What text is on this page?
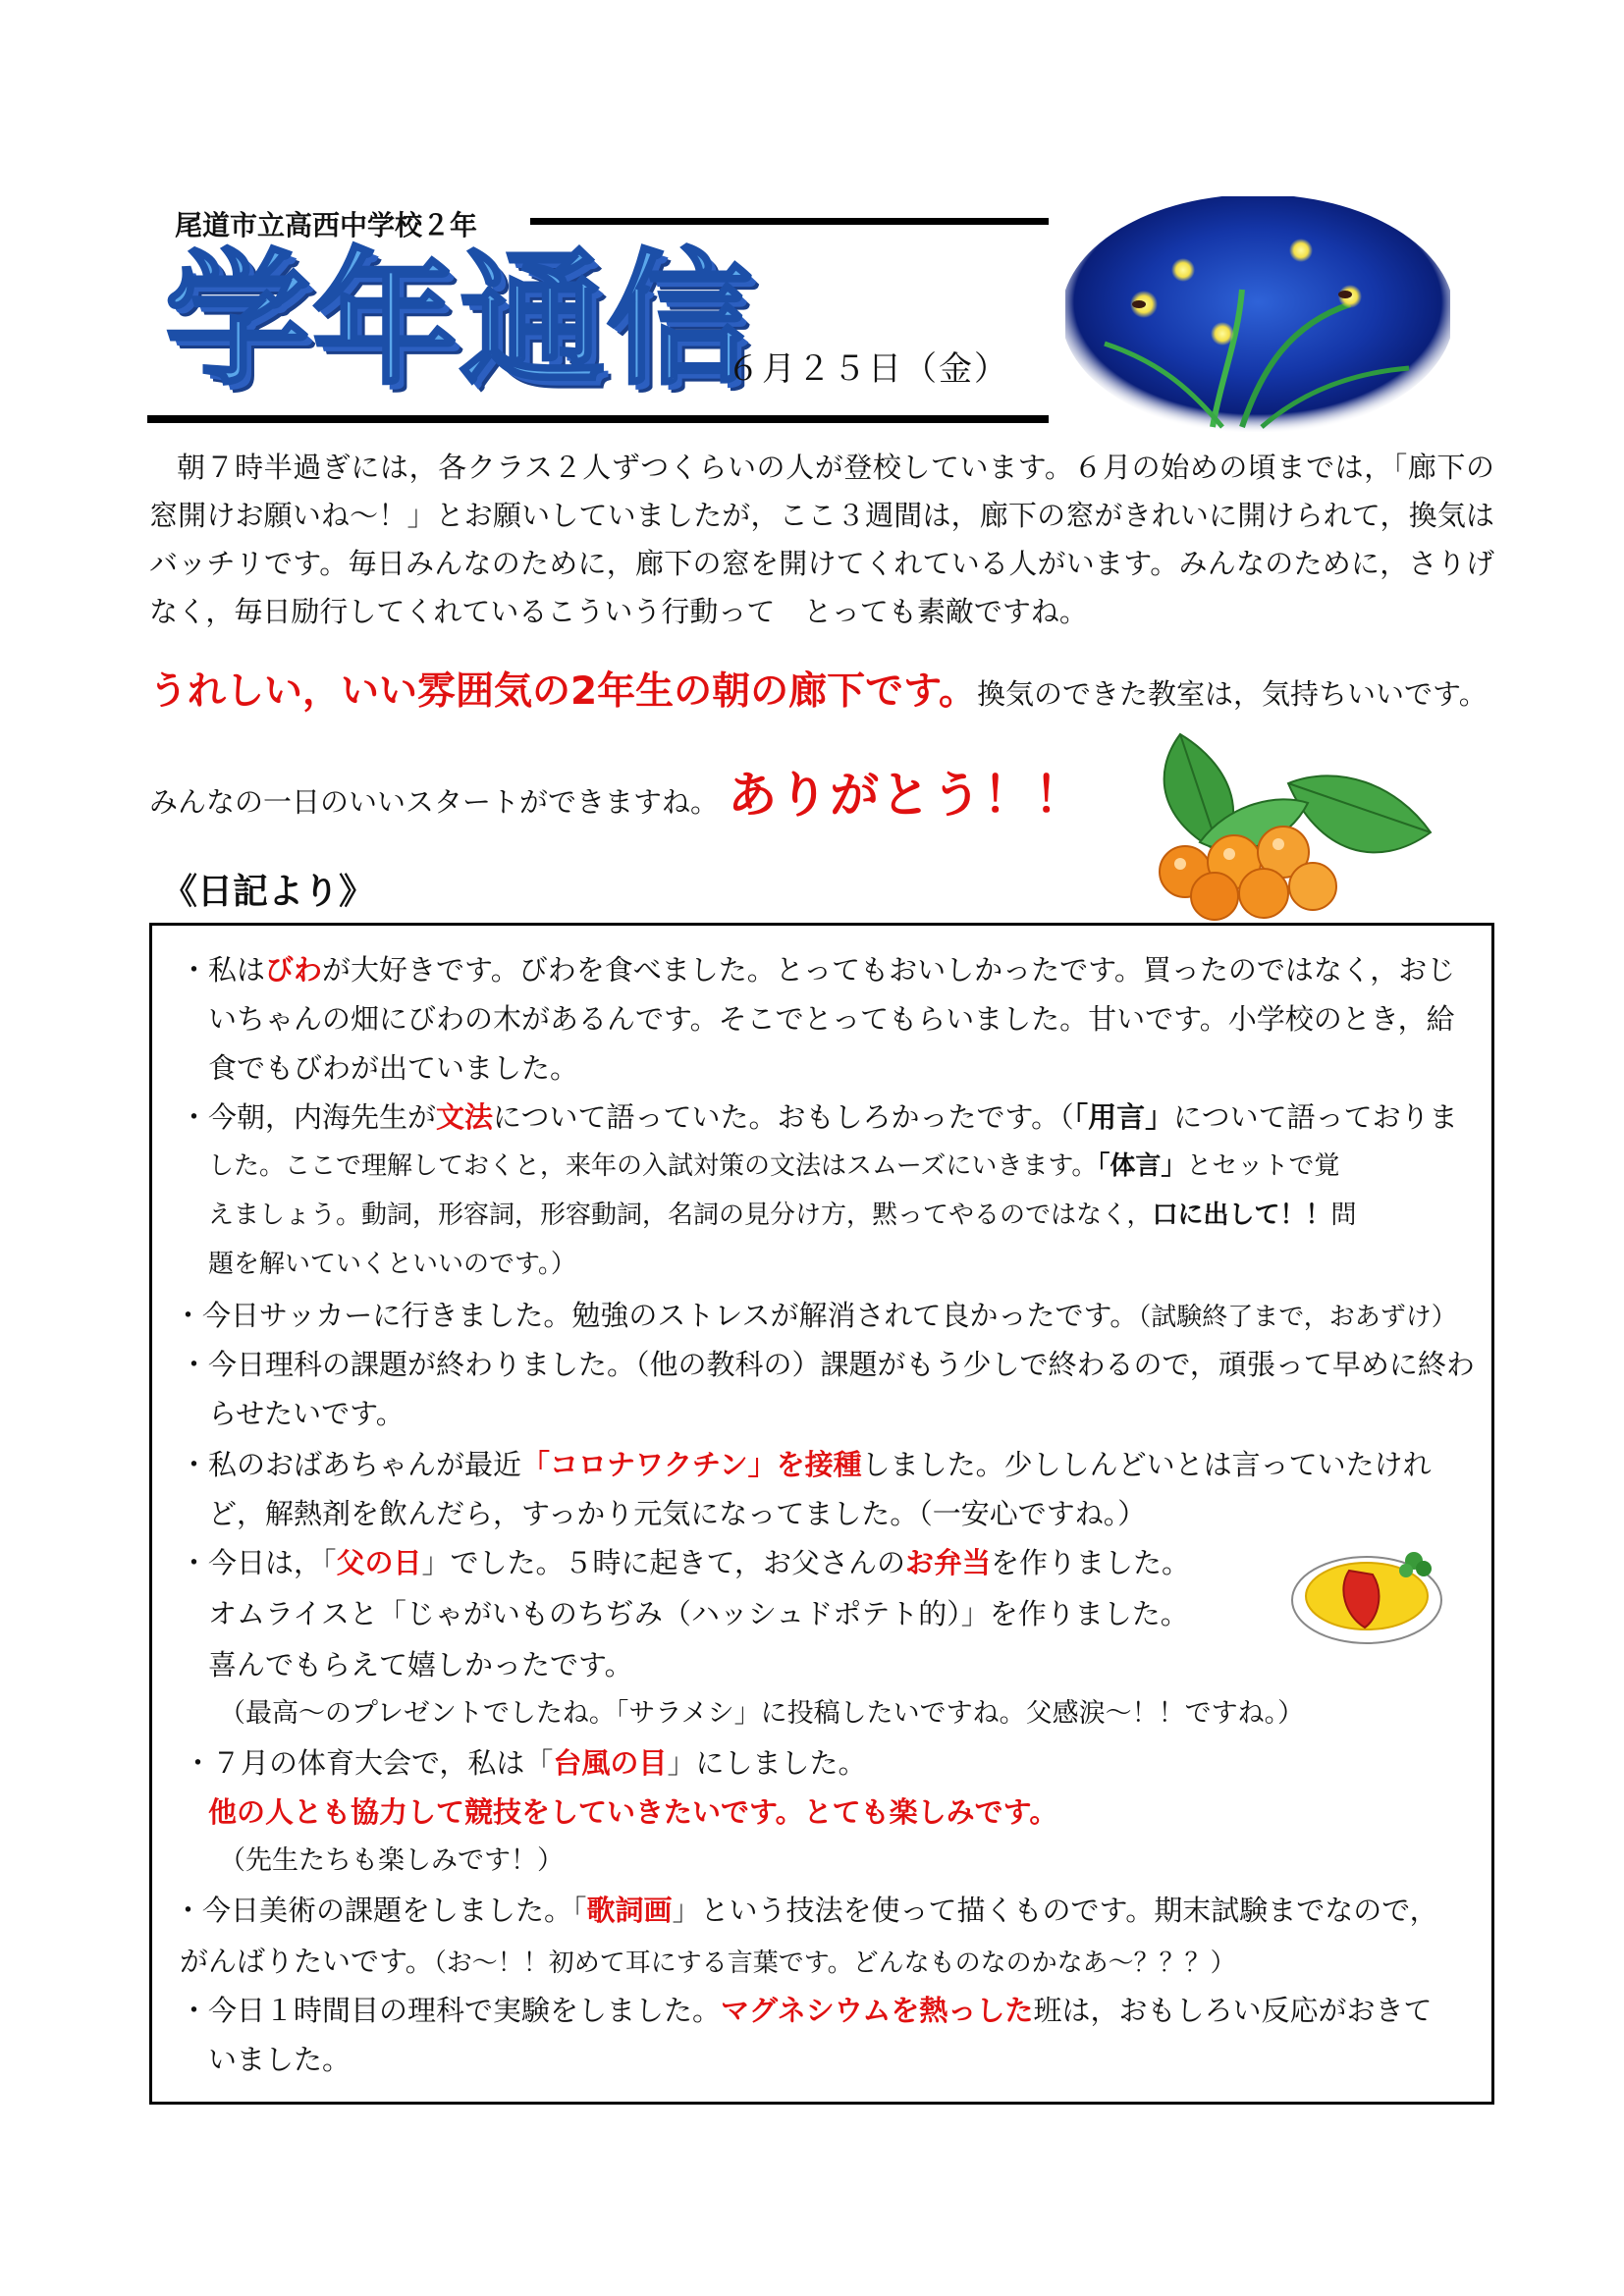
尾道市立高西中学校２年
学年通信
６月２５日（金）
朝７時半過ぎには，各クラス２人ずつくらいの人が登校しています。６月の始めの頃までは，「廊下の窓開けお願いね～！」とお願いしていましたが，ここ３週間は，廊下の窓がきれいに開けられて，換気はバッチリです。毎日みんなのために，廊下の窓を開けてくれている人がいます。みんなのために，さりげなく，毎日励行してくれているこういう行動って　とっても素敵ですね。
うれしい，いい雰囲気の2年生の朝の廊下です。換気のできた教室は，気持ちいいです。
みんなの一日のいいスタートができますね。 ありがとう！！
《日記より》
・私はびわが大好きです。びわを食べました。とってもおいしかったです。買ったのではなく，おじ
いちゃんの畑にびわの木があるんです。そこでとってもらいました。甘いです。小学校のとき，給
食でもびわが出ていました。
・今朝，内海先生が文法について語っていた。おもしろかったです。（「用言」について語っておりま
した。ここで理解しておくと，来年の入試対策の文法はスムーズにいきます。「体言」とセットで覚
えましょう。動詞，形容詞，形容動詞，名詞の見分け方，黙ってやるのではなく，口に出して！！問
題を解いていくといいのです。）
・今日サッカーに行きました。勉強のストレスが解消されて良かったです。（試験終了まで，おあずけ）
・今日理科の課題が終わりました。（他の教科の）課題がもう少しで終わるので，頑張って早めに終わ
らせたいです。
・私のおばあちゃんが最近「コロナワクチン」を接種しました。少ししんどいとは言っていたけれ
ど，解熱剤を飲んだら，すっかり元気になってました。（一安心ですね。）
・今日は，「父の日」でした。５時に起きて，お父さんのお弁当を作りました。
オムライスと「じゃがいものちぢみ（ハッシュドポテト的）」を作りました。
喜んでもらえて嬉しかったです。
（最高～のプレゼントでしたね。「サラメシ」に投稿したいですね。父感涙～！！ですね。）
・７月の体育大会で，私は「台風の目」にしました。
他の人とも協力して競技をしていきたいです。とても楽しみです。
（先生たちも楽しみです！）
・今日美術の課題をしました。「歌詞画」という技法を使って描くものです。期末試験までなので，
がんばりたいです。（お～！！初めて耳にする言葉です。どんなものなのかなあ～？？？）
・今日１時間目の理科で実験をしました。マグネシウムを熱っした班は，おもしろい反応がおきて
いました。
